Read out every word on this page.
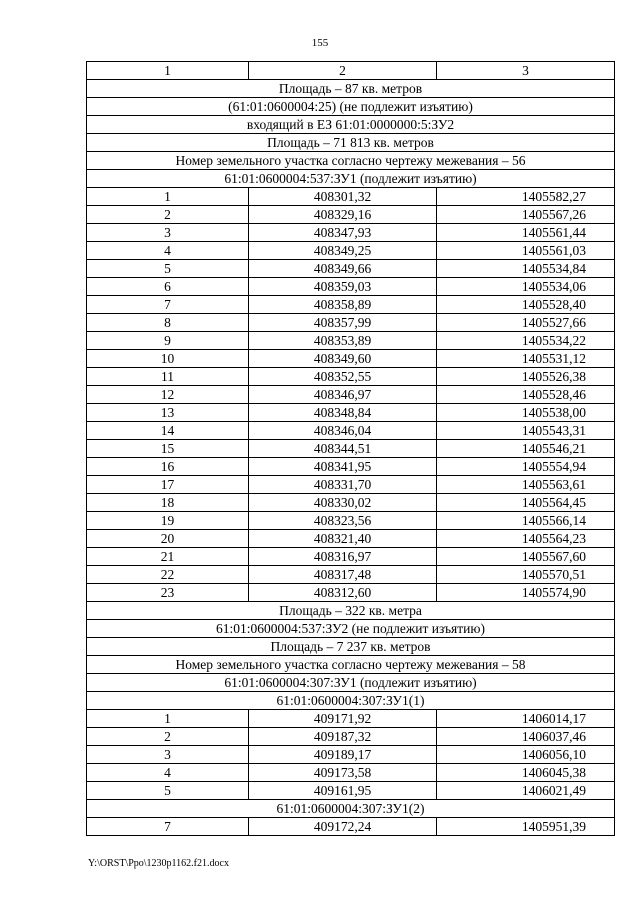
155
1	2	3
Площадь – 87 кв. метров		
(61:01:0600004:25) (не подлежит изъятию)		
входящий в ЕЗ 61:01:0000000:5:ЗУ2		
Площадь – 71 813 кв. метров		
Номер земельного участка согласно чертежу межевания – 56		
61:01:0600004:537:ЗУ1 (подлежит изъятию)		
1	408301,32	1405582,27
2	408329,16	1405567,26
3	408347,93	1405561,44
4	408349,25	1405561,03
5	408349,66	1405534,84
6	408359,03	1405534,06
7	408358,89	1405528,40
8	408357,99	1405527,66
9	408353,89	1405534,22
10	408349,60	1405531,12
11	408352,55	1405526,38
12	408346,97	1405528,46
13	408348,84	1405538,00
14	408346,04	1405543,31
15	408344,51	1405546,21
16	408341,95	1405554,94
17	408331,70	1405563,61
18	408330,02	1405564,45
19	408323,56	1405566,14
20	408321,40	1405564,23
21	408316,97	1405567,60
22	408317,48	1405570,51
23	408312,60	1405574,90
Площадь – 322 кв. метра		
61:01:0600004:537:ЗУ2 (не подлежит изъятию)		
Площадь – 7 237 кв. метров		
Номер земельного участка согласно чертежу межевания – 58		
61:01:0600004:307:ЗУ1 (подлежит изъятию)		
61:01:0600004:307:ЗУ1(1)		
1	409171,92	1406014,17
2	409187,32	1406037,46
3	409189,17	1406056,10
4	409173,58	1406045,38
5	409161,95	1406021,49
61:01:0600004:307:ЗУ1(2)		
7	409172,24	1405951,39
Y:\ORST\Ppo\1230p1162.f21.docx
